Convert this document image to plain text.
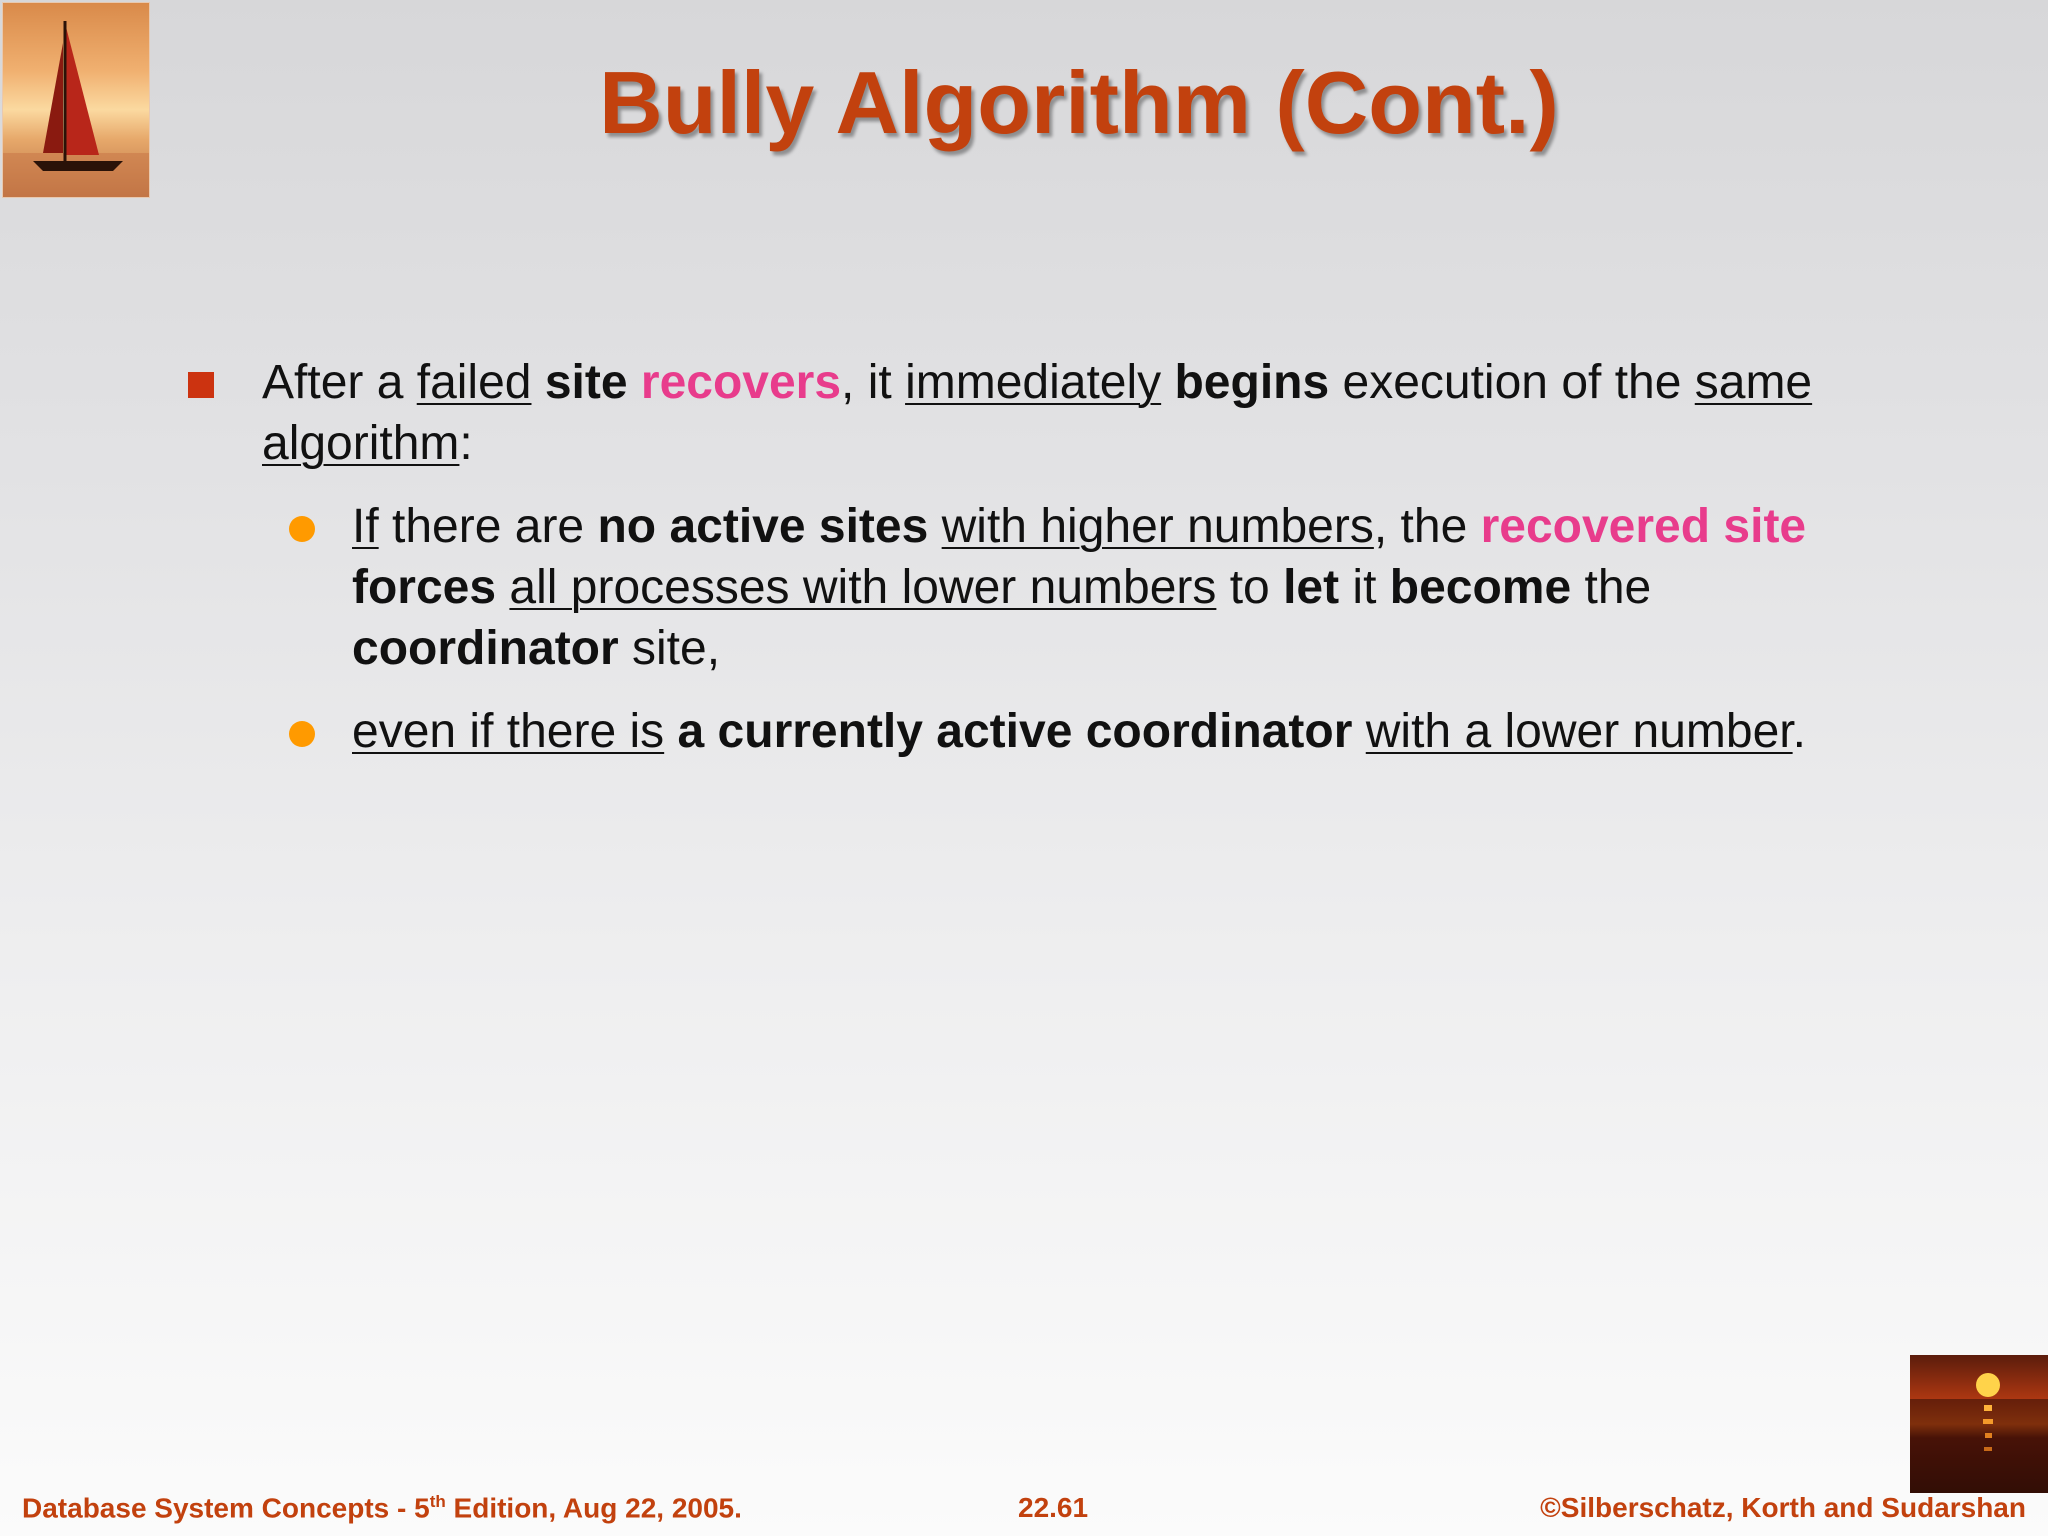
Bully Algorithm (Cont.)
After a failed site recovers, it immediately begins execution of the same algorithm:
If there are no active sites with higher numbers, the recovered site forces all processes with lower numbers to let it become the coordinator site,
even if there is a currently active coordinator with a lower number.
Database System Concepts - 5th Edition, Aug 22, 2005.	22.61	©Silberschatz, Korth and Sudarshan
